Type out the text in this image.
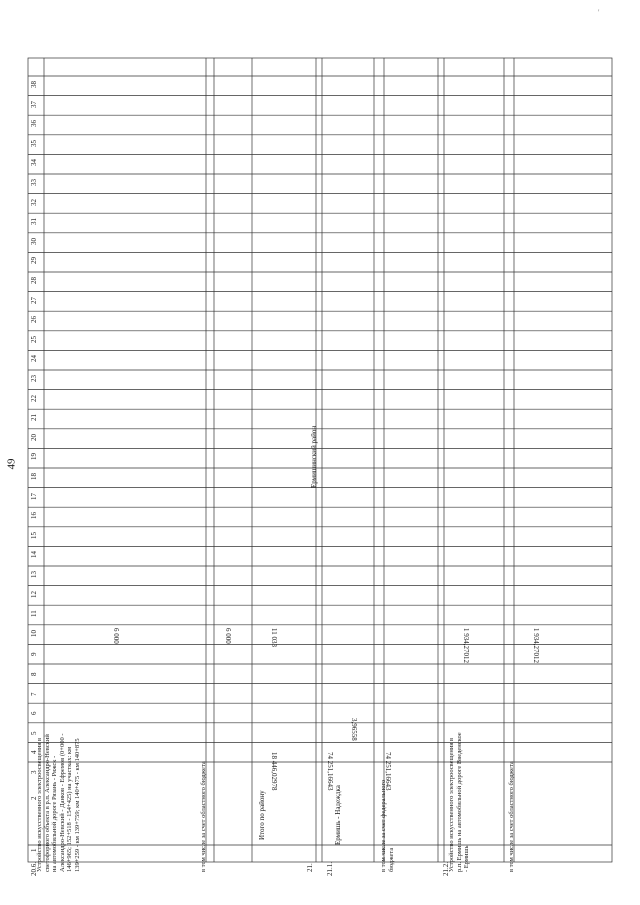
49
'
1
2
3
4
5
6
7
8
9
10
11
12
13
14
15
16
17
18
19
20
21
22
23
24
25
26
27
28
29
30
31
32
33
34
35
36
37
38
20.6.
Устройство искусственного электроосвещения в светофорного объекта в р.п. Александро-Невский на автомобильной дороге Рязань - Ряжск - Александро-Невский - Данков - Ефремов (0+000 - 146+965; 152+518 - 154+425) на участках: км 139+259 - км 139+759; км 140+475 - км 140+875
6 000
в том числе за счет областного бюджета
6 000
Итого по району
18 446,02978
11 033
21.
Ермишинский район
21.1.
Ермишь - Надеждка
74 251,16643
3,96558
в том числе за счет федерального бюджета
74 251,16643
21.2.
Устройство искусственного электроосвещения в р.п. Ермишь на автомобильной дороге Введенское - Ермишь
1 934,27012
в том числе за счет областного бюджета
1 934,27012
